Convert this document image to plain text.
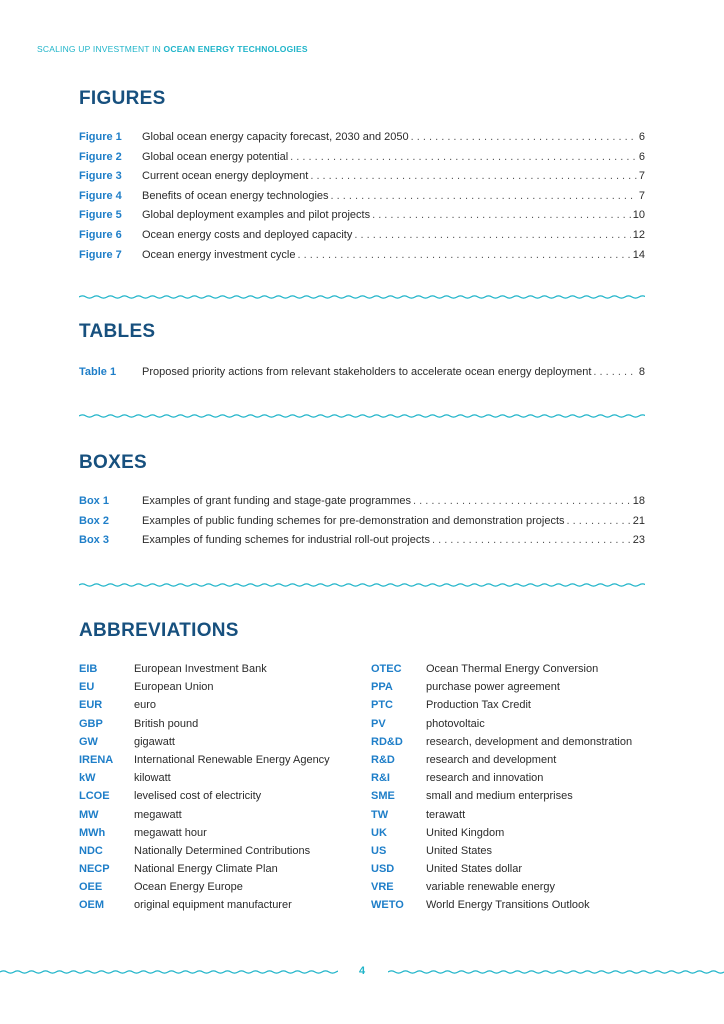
SCALING UP INVESTMENT IN OCEAN ENERGY TECHNOLOGIES
FIGURES
Figure 1	Global ocean energy capacity forecast, 2030 and 2050 . . .	6
Figure 2	Global ocean energy potential . . .	6
Figure 3	Current ocean energy deployment . . .	7
Figure 4	Benefits of ocean energy technologies . . .	7
Figure 5	Global deployment examples and pilot projects . . .	10
Figure 6	Ocean energy costs and deployed capacity . . .	12
Figure 7	Ocean energy investment cycle . . .	14
TABLES
Table 1	Proposed priority actions from relevant stakeholders to accelerate ocean energy deployment . . .	8
BOXES
Box 1	Examples of grant funding and stage-gate programmes . . .	18
Box 2	Examples of public funding schemes for pre-demonstration and demonstration projects . . .	21
Box 3	Examples of funding schemes for industrial roll-out projects . . .	23
ABBREVIATIONS
EIB	European Investment Bank
EU	European Union
EUR	euro
GBP	British pound
GW	gigawatt
IRENA	International Renewable Energy Agency
kW	kilowatt
LCOE	levelised cost of electricity
MW	megawatt
MWh	megawatt hour
NDC	Nationally Determined Contributions
NECP	National Energy Climate Plan
OEE	Ocean Energy Europe
OEM	original equipment manufacturer
OTEC	Ocean Thermal Energy Conversion
PPA	purchase power agreement
PTC	Production Tax Credit
PV	photovoltaic
RD&D	research, development and demonstration
R&D	research and development
R&I	research and innovation
SME	small and medium enterprises
TW	terawatt
UK	United Kingdom
US	United States
USD	United States dollar
VRE	variable renewable energy
WETO	World Energy Transitions Outlook
4
